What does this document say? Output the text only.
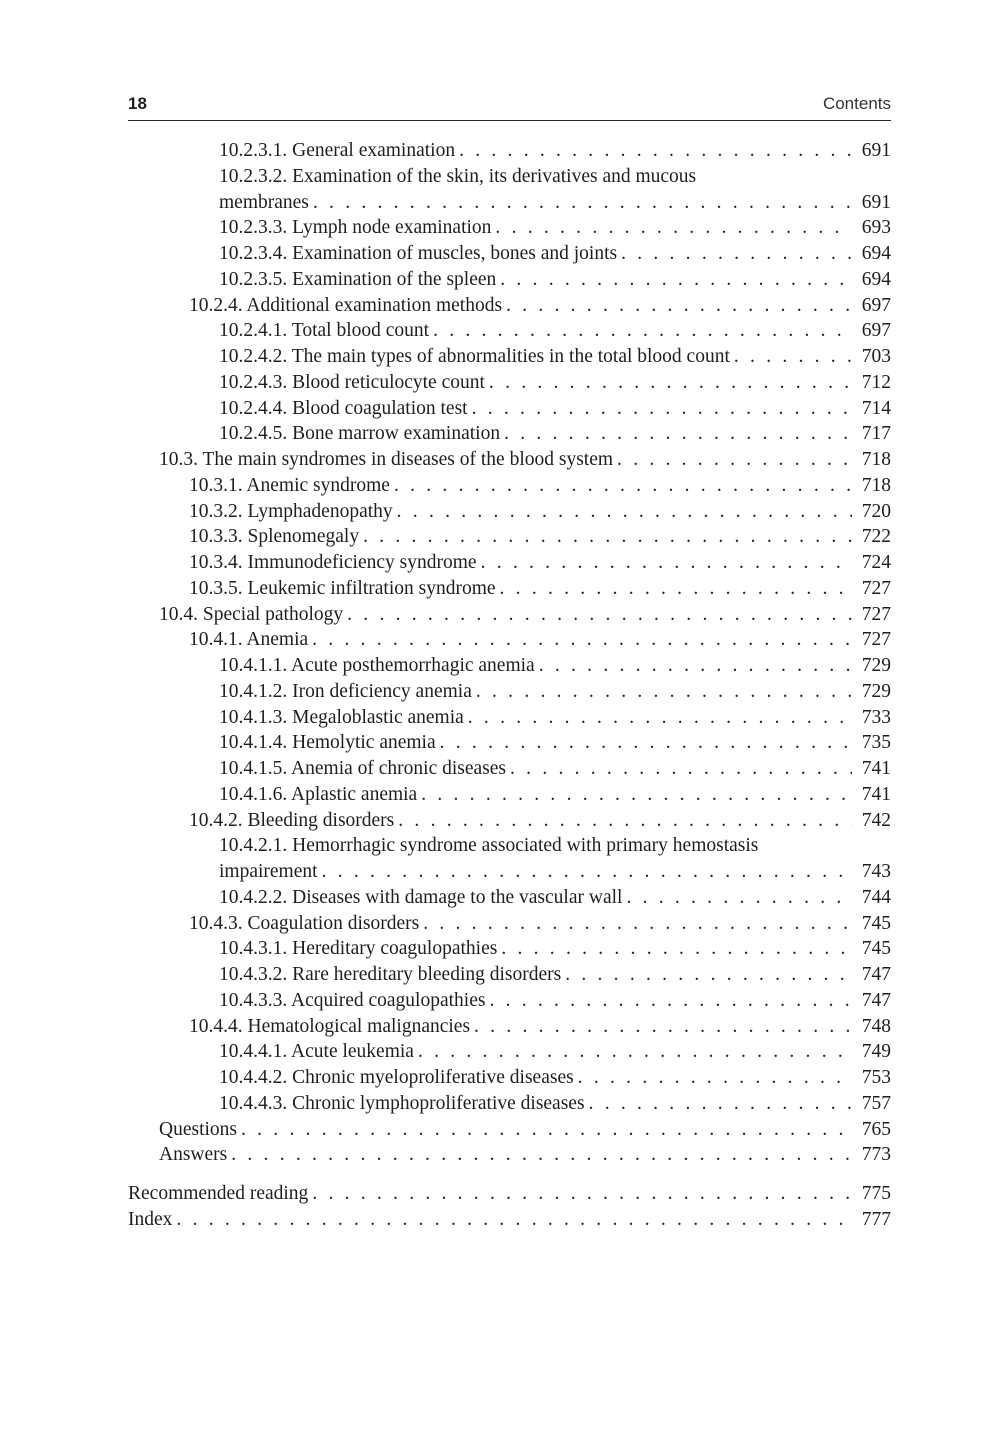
18	Contents
10.2.3.1. General examination . . .	691
10.2.3.2. Examination of the skin, its derivatives and mucous
membranes . . .	691
10.2.3.3. Lymph node examination . . .	693
10.2.3.4. Examination of muscles, bones and joints . . .	694
10.2.3.5. Examination of the spleen . . .	694
10.2.4. Additional examination methods . . .	697
10.2.4.1. Total blood count . . .	697
10.2.4.2. The main types of abnormalities in the total blood count . . .	703
10.2.4.3. Blood reticulocyte count . . .	712
10.2.4.4. Blood coagulation test . . .	714
10.2.4.5. Bone marrow examination . . .	717
10.3. The main syndromes in diseases of the blood system . . .	718
10.3.1. Anemic syndrome . . .	718
10.3.2. Lymphadenopathy . . .	720
10.3.3. Splenomegaly . . .	722
10.3.4. Immunodeficiency syndrome . . .	724
10.3.5. Leukemic infiltration syndrome . . .	727
10.4. Special pathology . . .	727
10.4.1. Anemia . . .	727
10.4.1.1. Acute posthemorrhagic anemia . . .	729
10.4.1.2. Iron deficiency anemia . . .	729
10.4.1.3. Megaloblastic anemia . . .	733
10.4.1.4. Hemolytic anemia . . .	735
10.4.1.5. Anemia of chronic diseases . . .	741
10.4.1.6. Aplastic anemia . . .	741
10.4.2. Bleeding disorders . . .	742
10.4.2.1. Hemorrhagic syndrome associated with primary hemostasis
impairement . . .	743
10.4.2.2. Diseases with damage to the vascular wall . . .	744
10.4.3. Coagulation disorders . . .	745
10.4.3.1. Hereditary coagulopathies . . .	745
10.4.3.2. Rare hereditary bleeding disorders . . .	747
10.4.3.3. Acquired coagulopathies . . .	747
10.4.4. Hematological malignancies . . .	748
10.4.4.1. Acute leukemia . . .	749
10.4.4.2. Chronic myeloproliferative diseases . . .	753
10.4.4.3. Chronic lymphoproliferative diseases . . .	757
Questions . . .	765
Answers . . .	773
Recommended reading . . .	775
Index . . .	777
